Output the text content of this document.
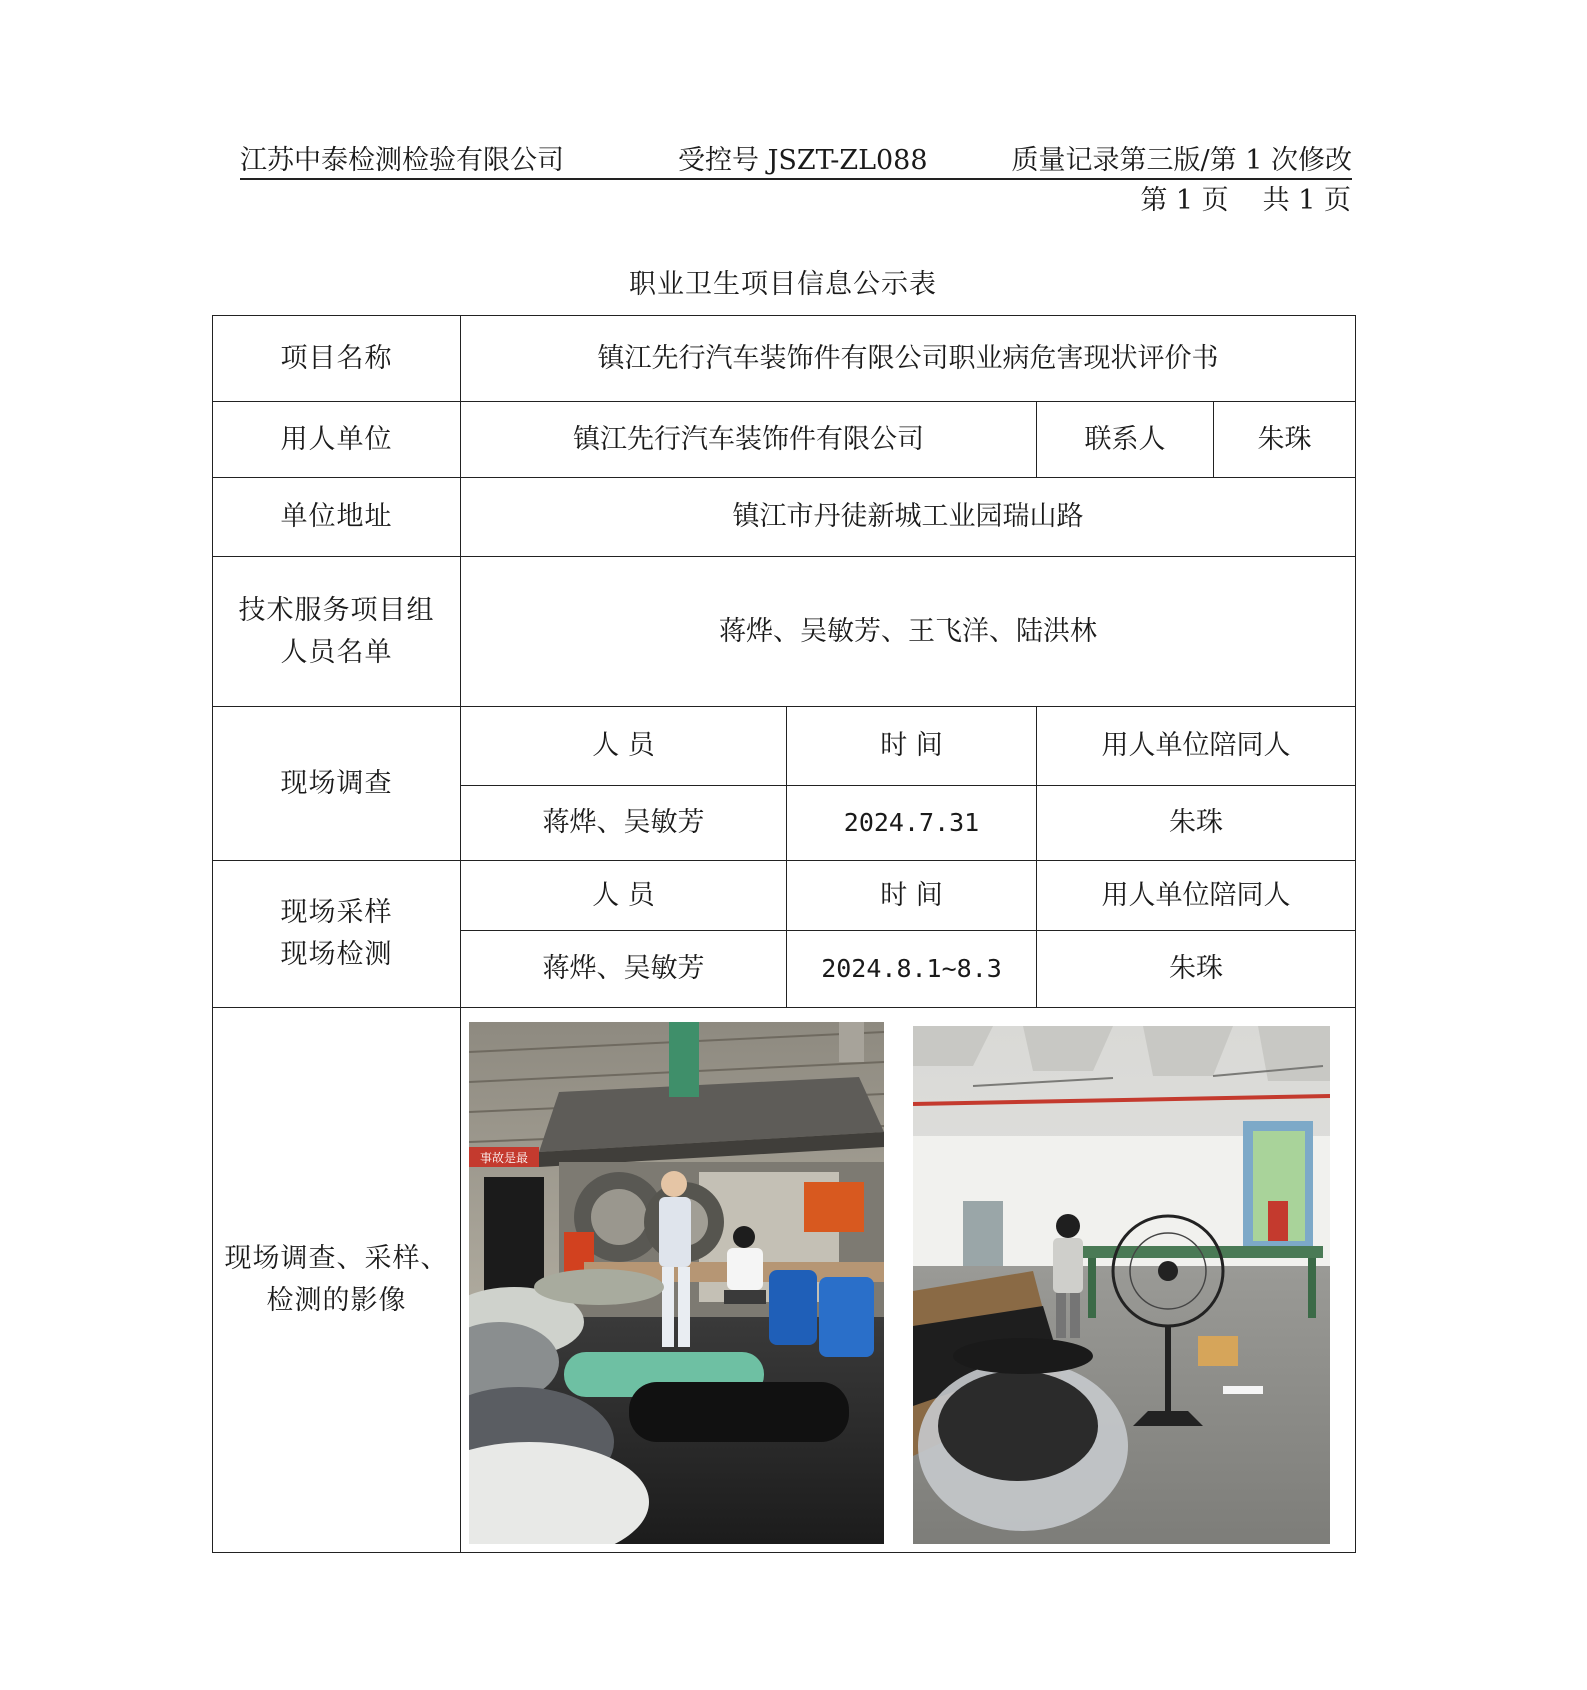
江苏中泰检测检验有限公司	受控号 JSZT-ZL088	质量记录第三版/第 1 次修改
第 1 页 共 1 页
职业卫生项目信息公示表
项目名称	镇江先行汽车装饰件有限公司职业病危害现状评价书			
用人单位	镇江先行汽车装饰件有限公司		联系人	朱珠
单位地址	镇江市丹徒新城工业园瑞山路			

技术服务项目组
人员名单	蒋烨、吴敏芳、王飞洋、陆洪林			
现场调查	人 员	时 间	用人单位陪同人	
	蒋烨、吴敏芳	2024.7.31	朱珠	

现场采样
现场检测	人 员	时 间	用人单位陪同人	
	蒋烨、吴敏芳	2024.8.1~8.3	朱珠	

现场调查、采样、
检测的影像	事故是最			
